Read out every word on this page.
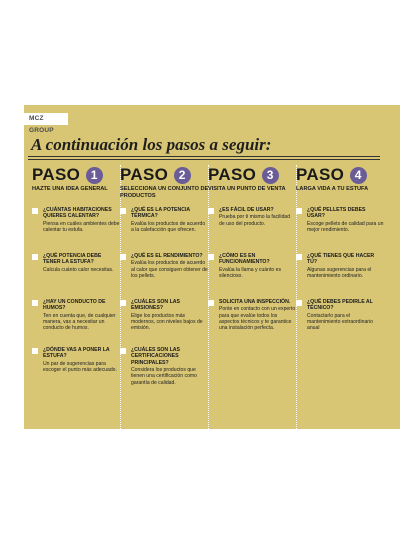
MCZ GROUP
A continuación los pasos a seguir:
PASO 1
HAZTE UNA IDEA GENERAL
¿CUÁNTAS HABITACIONES QUIERES CALENTAR?
Piensa en cuáles ambientes debe calentar tu estufa.
¿QUÉ POTENCIA DEBE TENER LA ESTUFA?
Calcula cuánto calor necesitas.
¿HAY UN CONDUCTO DE HUMOS?
Ten en cuenta que, de cualquier manera, vas a necesitar un conducto de humos.
¿DÓNDE VAS A PONER LA ESTUFA?
Un par de sugerencias para escoger el punto más adecuado.
PASO 2
SELECCIONA UN CONJUNTO DE PRODUCTOS
¿QUÉ ES LA POTENCIA TÉRMICA?
Evalúa los productos de acuerdo a la calefacción que ofrecen.
¿QUÉ ES EL RENDIMIENTO?
Evalúa los productos de acuerdo al calor que consiguen obtener de los pellets.
¿CUÁLES SON LAS EMISIONES?
Elige los productos más modernos, con niveles bajos de emisión.
¿CUÁLES SON LAS CERTIFICACIONES PRINCIPALES?
Considera los productos que tienen una certificación como garantía de calidad.
PASO 3
VISITA UN PUNTO DE VENTA
¿ES FÁCIL DE USAR?
Prueba por ti mismo la facilidad de uso del producto.
¿CÓMO ES EN FUNCIONAMIENTO?
Evalúa la llama y cuánto es silencioso.
SOLICITA UNA INSPECCIÓN.
Ponte en contacto con un experto para que evalúe todos los aspectos técnicos y te garantice una instalación perfecta.
PASO 4
LARGA VIDA A TU ESTUFA
¿QUÉ PELLETS DEBES USAR?
Escoge pellets de calidad para un mejor rendimiento.
¿QUÉ TIENES QUE HACER TÚ?
Algunas sugerencias para el mantenimiento ordinario.
¿QUÉ DEBES PEDIRLE AL TÉCNICO?
Contactarlo para el mantenimiento extraordinario anual
